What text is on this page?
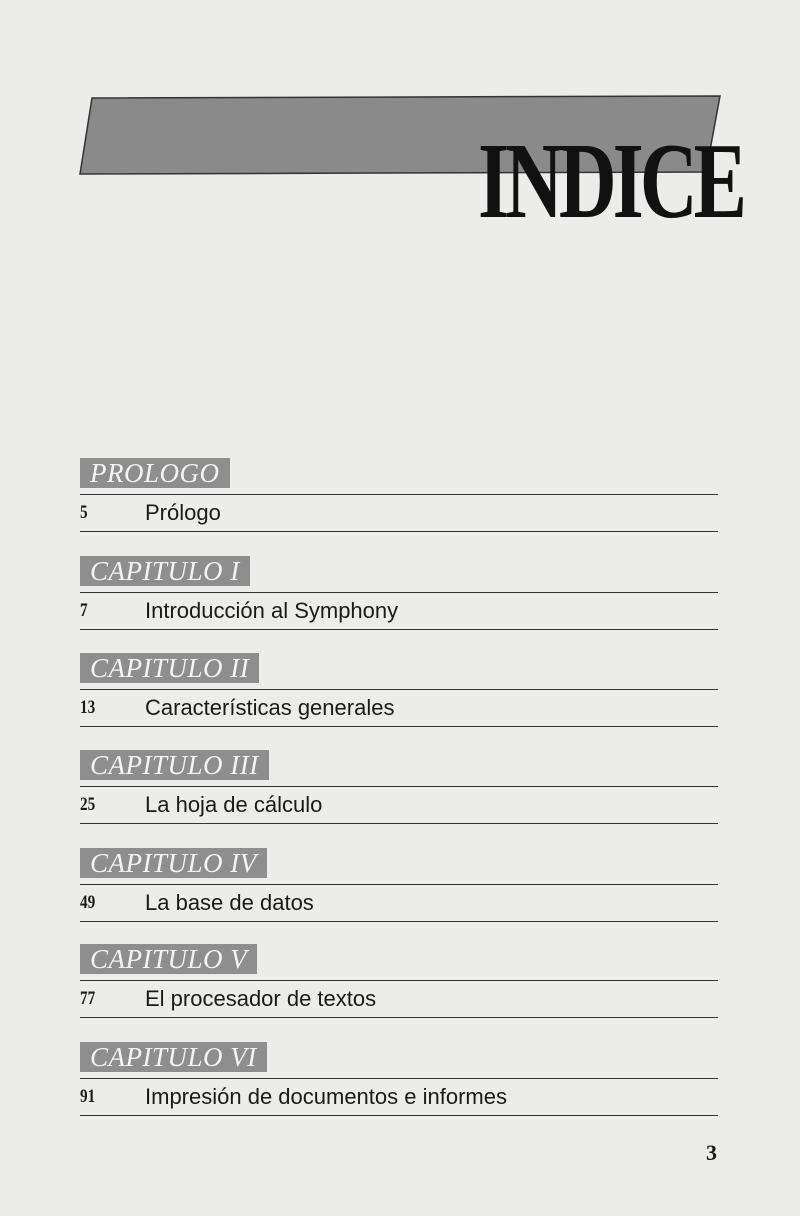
INDICE
PROLOGO
5	Prólogo
CAPITULO I
7	Introducción al Symphony
CAPITULO II
13 Características generales
CAPITULO III
25 La hoja de cálculo
CAPITULO IV
49 La base de datos
CAPITULO V
77 El procesador de textos
CAPITULO VI
91 Impresión de documentos e informes
3
